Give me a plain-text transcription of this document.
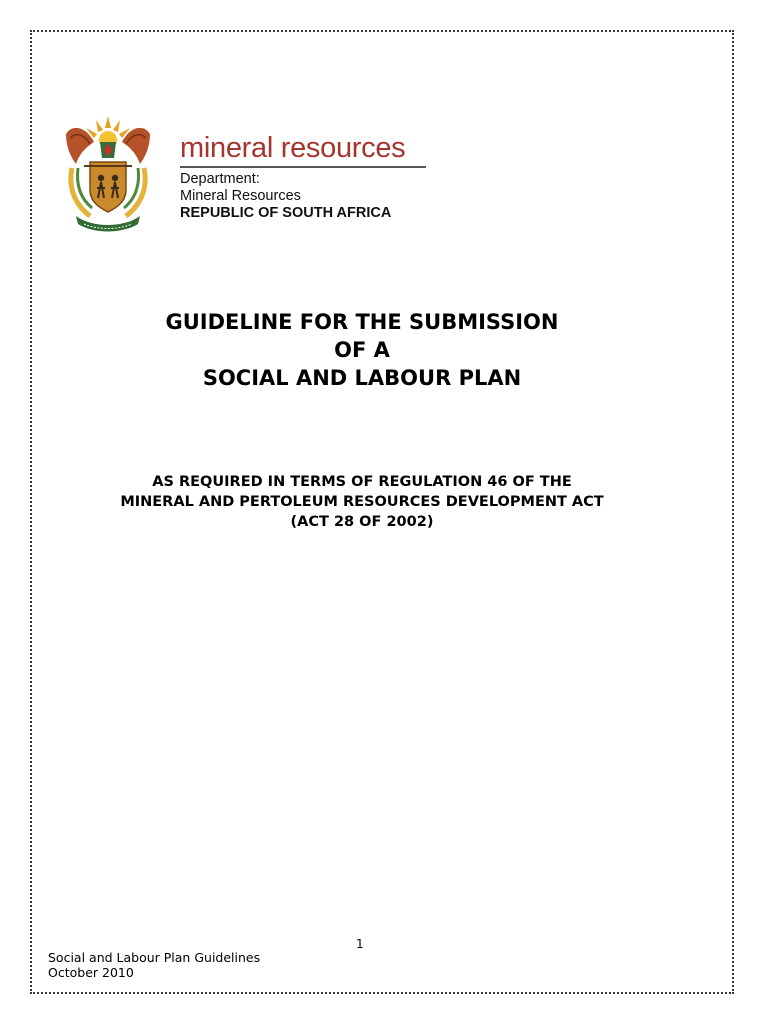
mineral resources
Department:
Mineral Resources
REPUBLIC OF SOUTH AFRICA
GUIDELINE FOR THE SUBMISSION
OF A
SOCIAL AND LABOUR PLAN
AS REQUIRED IN TERMS OF REGULATION 46 OF THE
MINERAL AND PERTOLEUM RESOURCES DEVELOPMENT ACT
(ACT 28 OF 2002)
1
Social and Labour Plan Guidelines
October 2010
